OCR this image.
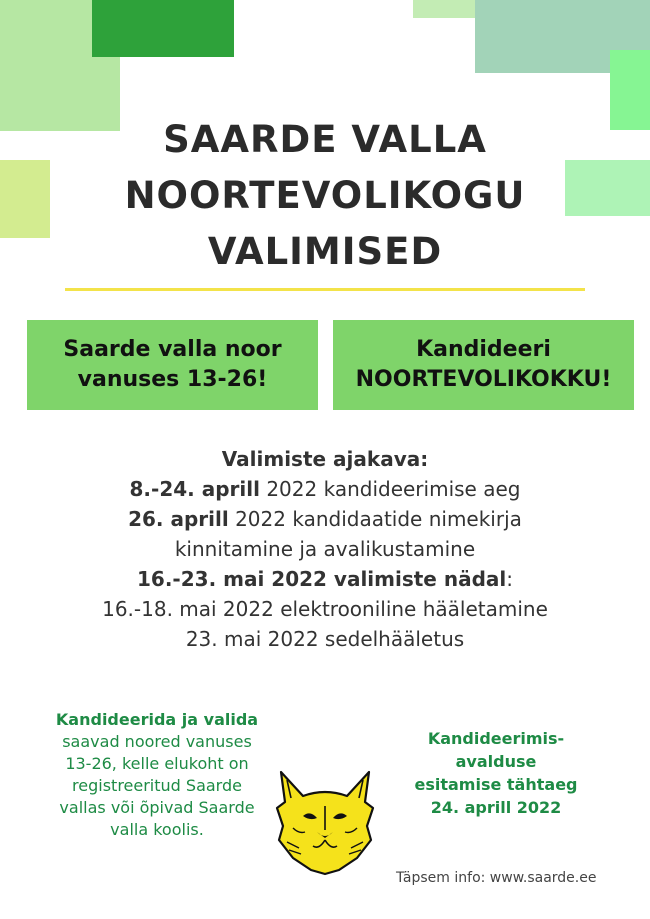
SAARDE VALLA
NOORTEVOLIKOGU
VALIMISED
Saarde valla noor
vanuses 13-26!
Kandideeri
NOORTEVOLIKOKKU!
Valimiste ajakava:
8.-24. aprill 2022 kandideerimise aeg
26. aprill 2022 kandidaatide nimekirja
kinnitamine ja avalikustamine
16.-23. mai 2022 valimiste nädal:
16.-18. mai 2022 elektrooniline hääletamine
23. mai 2022 sedelhääletus
Kandideerida ja valida
saavad noored vanuses
13-26, kelle elukoht on
registreeritud Saarde
vallas või õpivad Saarde
valla koolis.
Kandideerimis-
avalduse
esitamise tähtaeg
24. aprill 2022
Täpsem info: www.saarde.ee
